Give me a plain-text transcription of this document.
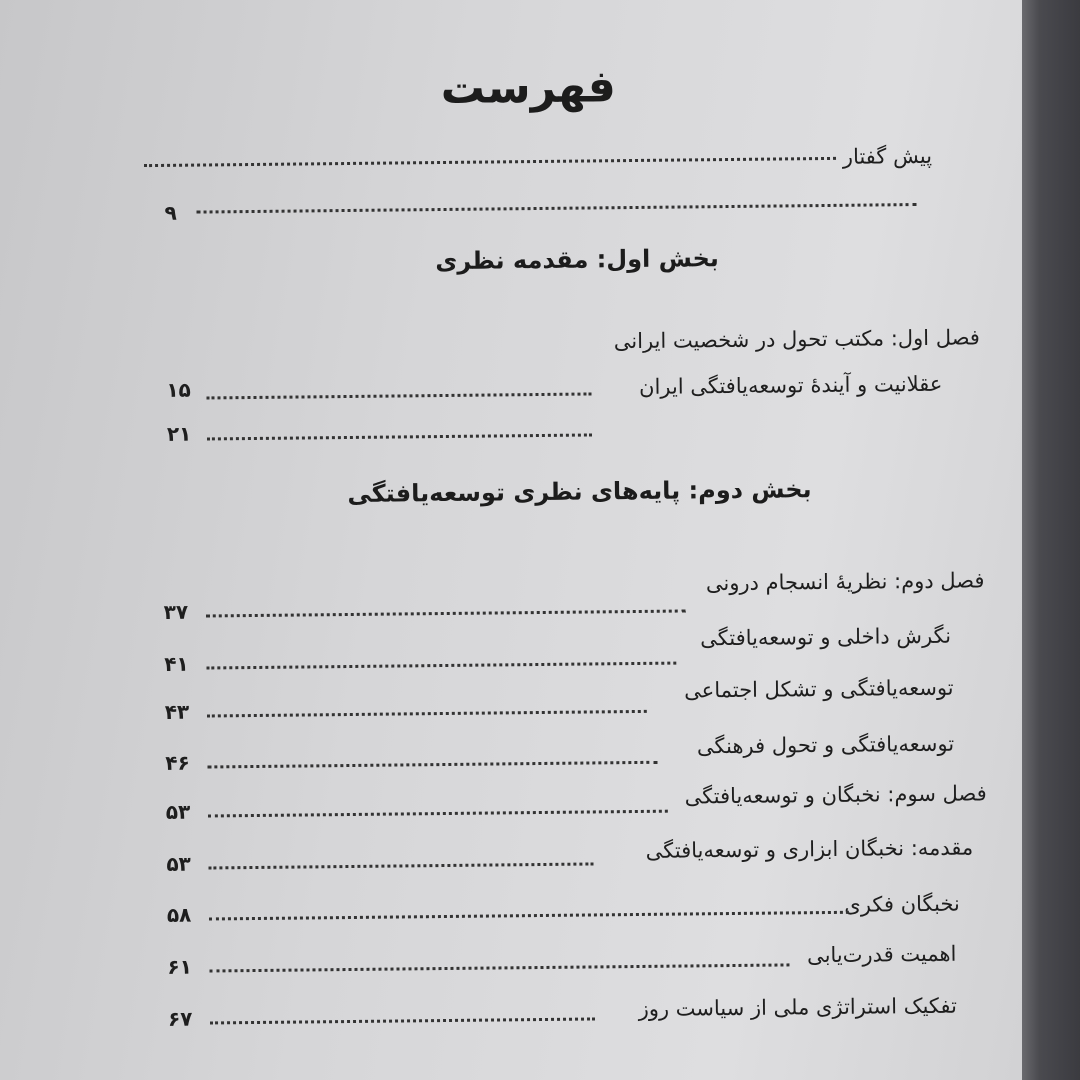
فهرست
پیش گفتار
۹
بخش اول: مقدمه نظری
فصل اول: مکتب تحول در شخصیت ایرانی
۱۵	عقلانیت و آیندهٔ توسعه‌یافتگی ایران
۲۱
بخش دوم: پایه‌های نظری توسعه‌یافتگی
فصل دوم: نظریهٔ انسجام درونی
۳۷
نگرش داخلی و توسعه‌یافتگی
۴۱
توسعه‌یافتگی و تشکل اجتماعی
۴۳
توسعه‌یافتگی و تحول فرهنگی
۴۶
فصل سوم: نخبگان و توسعه‌یافتگی
۵۳
مقدمه: نخبگان ابزاری و توسعه‌یافتگی
۵۳
نخبگان فکری
۵۸
اهمیت قدرت‌یابی
۶۱
تفکیک استراتژی ملی از سیاست روز
۶۷
